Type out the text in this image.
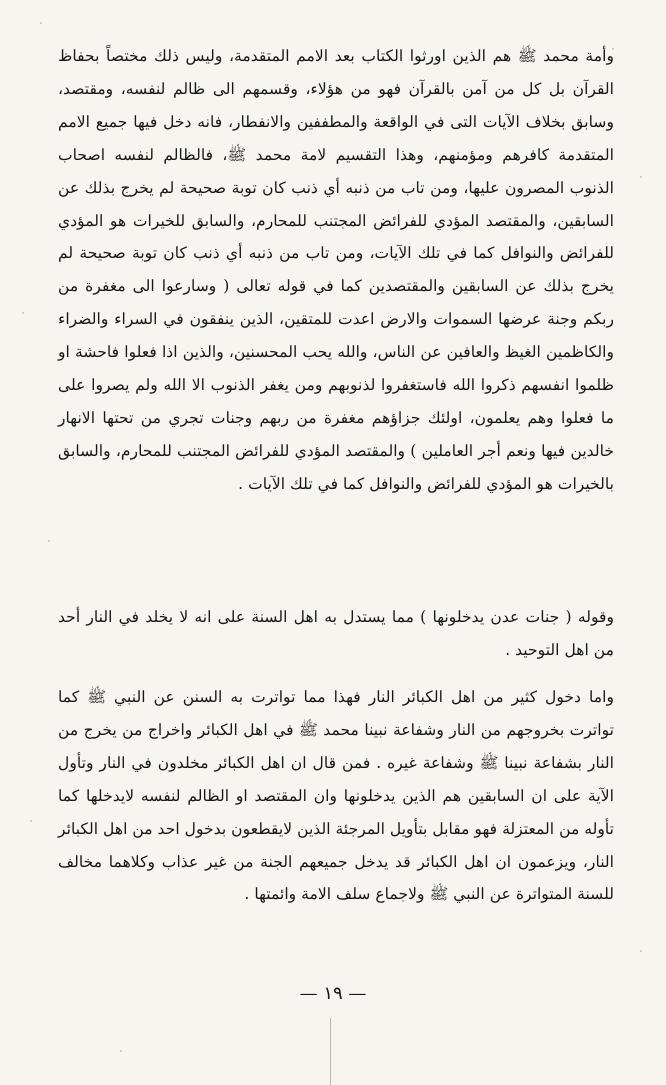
وأمة محمد ﷺ هم الذين اورثوا الكتاب بعد الامم المتقدمة، وليس ذلك مختصاً بحفاظ القرآن بل كل من آمن بالقرآن فهو من هؤلاء، وقسمهم الى ظالم لنفسه، ومقتصد، وسابق بخلاف الآيات التى في الواقعة والمطففين والانفطار، فانه دخل فيها جميع الامم المتقدمة كافرهم ومؤمنهم، وهذا التقسيم لامة محمد ﷺ، فالظالم لنفسه اصحاب الذنوب المصرون عليها، ومن تاب من ذنبه أي ذنب كان توبة صحيحة لم يخرج بذلك عن السابقين، والمقتصد المؤدي للفرائض المجتنب للمحارم، والسابق للخيرات هو المؤدي للفرائض والنوافل كما في تلك الآيات، ومن تاب من ذنبه أي ذنب كان توبة صحيحة لم يخرج بذلك عن السابقين والمقتصدين كما في قوله تعالى ( وسارعوا الى مغفرة من ربكم وجنة عرضها السموات والارض اعدت للمتقين، الذين ينفقون في السراء والضراء والكاظمين الغيظ والعافين عن الناس، والله يحب المحسنين، والذين اذا فعلوا فاحشة او ظلموا انفسهم ذكروا الله فاستغفروا لذنوبهم ومن يغفر الذنوب الا الله ولم يصروا على ما فعلوا وهم يعلمون، اولئك جزاؤهم مغفرة من ربهم وجنات تجري من تحتها الانهار خالدين فيها ونعم أجر العاملين ) والمقتصد المؤدي للفرائض المجتنب للمحارم، والسابق بالخيرات هو المؤدي للفرائض والنوافل كما في تلك الآيات .

وقوله ( جنات عدن يدخلونها ) مما يستدل به اهل السنة على انه لا يخلد في النار أحد من اهل التوحيد .

واما دخول كثير من اهل الكبائر النار فهذا مما تواترت به السنن عن النبي ﷺ كما تواترت بخروجهم من النار وشفاعة نبينا محمد ﷺ في اهل الكبائر واخراج من يخرج من النار بشفاعة نبينا ﷺ وشفاعة غيره . فمن قال ان اهل الكبائر مخلدون في النار وتأول الآية على ان السابقين هم الذين يدخلونها وان المقتصد او الظالم لنفسه لايدخلها كما تأوله من المعتزلة فهو مقابل بتأويل المرجئة الذين لايقطعون بدخول احد من اهل الكبائر النار، ويزعمون ان اهل الكبائر قد يدخل جميعهم الجنة من غير عذاب وكلاهما مخالف للسنة المتواترة عن النبي ﷺ ولاجماع سلف الامة وائمتها .

— ١٩ —
